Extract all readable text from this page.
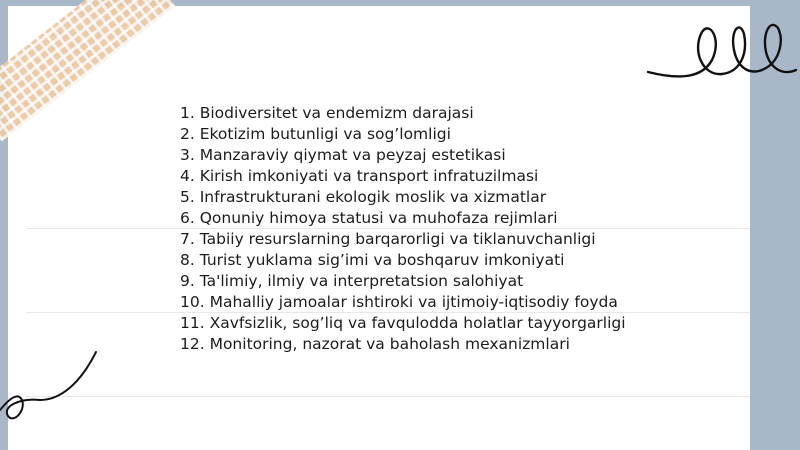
1. Biodiversitet va endemizm darajasi
2. Ekotizim butunligi va sog’lomligi
3. Manzaraviy qiymat va peyzaj estetikasi
4. Kirish imkoniyati va transport infratuzilmasi
5. Infrastrukturani ekologik moslik va xizmatlar
6. Qonuniy himoya statusi va muhofaza rejimlari
7. Tabiiy resurslarning barqarorligi va tiklanuvchanligi
8. Turist yuklama sig’imi va boshqaruv imkoniyati
9. Ta'limiy, ilmiy va interpretatsion salohiyat
10. Mahalliy jamoalar ishtiroki va ijtimoiy-iqtisodiy foyda
11. Xavfsizlik, sog’liq va favqulodda holatlar tayyorgarligi
12. Monitoring, nazorat va baholash mexanizmlari
